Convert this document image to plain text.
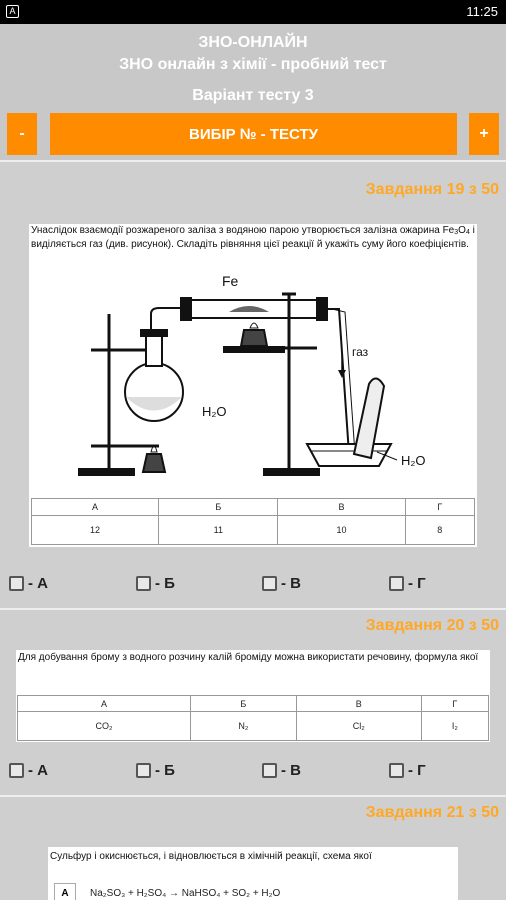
A	11:25
ЗНО-ОНЛАЙН
ЗНО онлайн з хімії - пробний тест
Варіант тесту 3
-	ВИБІР № - ТЕСТУ	+
Завдання 19 з 50
Унаслідок взаємодії розжареного заліза з водяною парою утворюється залізна ожарина Fe3O4 і виділяється газ (див. рисунок). Складіть рівняння цієї реакції й укажіть суму його коефіцієнтів.
Fe
газ
H₂O
H₂O
А	Б	В	Г
12	11	10	8
- А	- Б	- В	- Г
Завдання 20 з 50
Для добування брому з водного розчину калій броміду можна використати речовину, формула якої
А	Б	В	Г
CO₂	N₂	Cl₂	I₂
- А	- Б	- В	- Г
Завдання 21 з 50
Сульфур і окиснюється, і відновлюється в хімічній реакції, схема якої
А	Na₂SO₃ + H₂SO₄ → NaHSO₄ + SO₂ + H₂O
